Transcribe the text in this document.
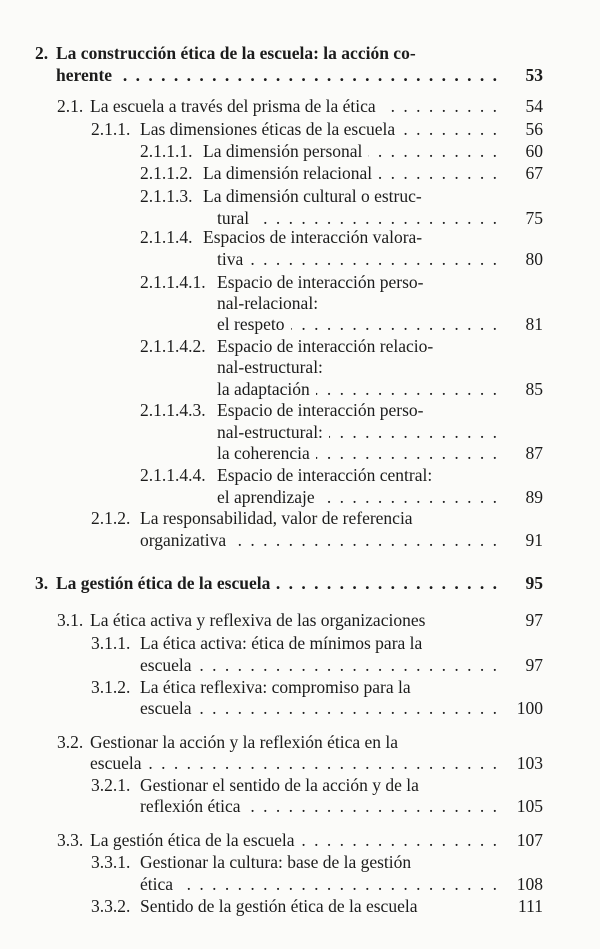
2. La construcción ética de la escuela: la acción co-
herente . . .	53
2.1. La escuela a través del prisma de la ética . . .	54
2.1.1. Las dimensiones éticas de la escuela . . .	56
2.1.1.1. La dimensión personal . . .	60
2.1.1.2. La dimensión relacional . . .	67
2.1.1.3. La dimensión cultural o estruc-
tural . . .	75
2.1.1.4. Espacios de interacción valora-
tiva . . .	80
2.1.1.4.1. Espacio de interacción perso-
nal-relacional:
el respeto . . .	81
2.1.1.4.2. Espacio de interacción relacio-
nal-estructural:
la adaptación . . .	85
2.1.1.4.3. Espacio de interacción perso-
nal-estructural:
. . .
la coherencia . . .	87
2.1.1.4.4. Espacio de interacción central:
el aprendizaje . . .	89
2.1.2. La responsabilidad, valor de referencia
organizativa . . .	91
3. La gestión ética de la escuela . . .	95
3.1. La ética activa y reflexiva de las organizaciones	97
3.1.1. La ética activa: ética de mínimos para la
escuela . . .	97
3.1.2. La ética reflexiva: compromiso para la
escuela . . .	100
3.2. Gestionar la acción y la reflexión ética en la
escuela . . .	103
3.2.1. Gestionar el sentido de la acción y de la
reflexión ética . . .	105
3.3. La gestión ética de la escuela . . .	107
3.3.1. Gestionar la cultura: base de la gestión
ética . . .	108
3.3.2. Sentido de la gestión ética de la escuela	111
